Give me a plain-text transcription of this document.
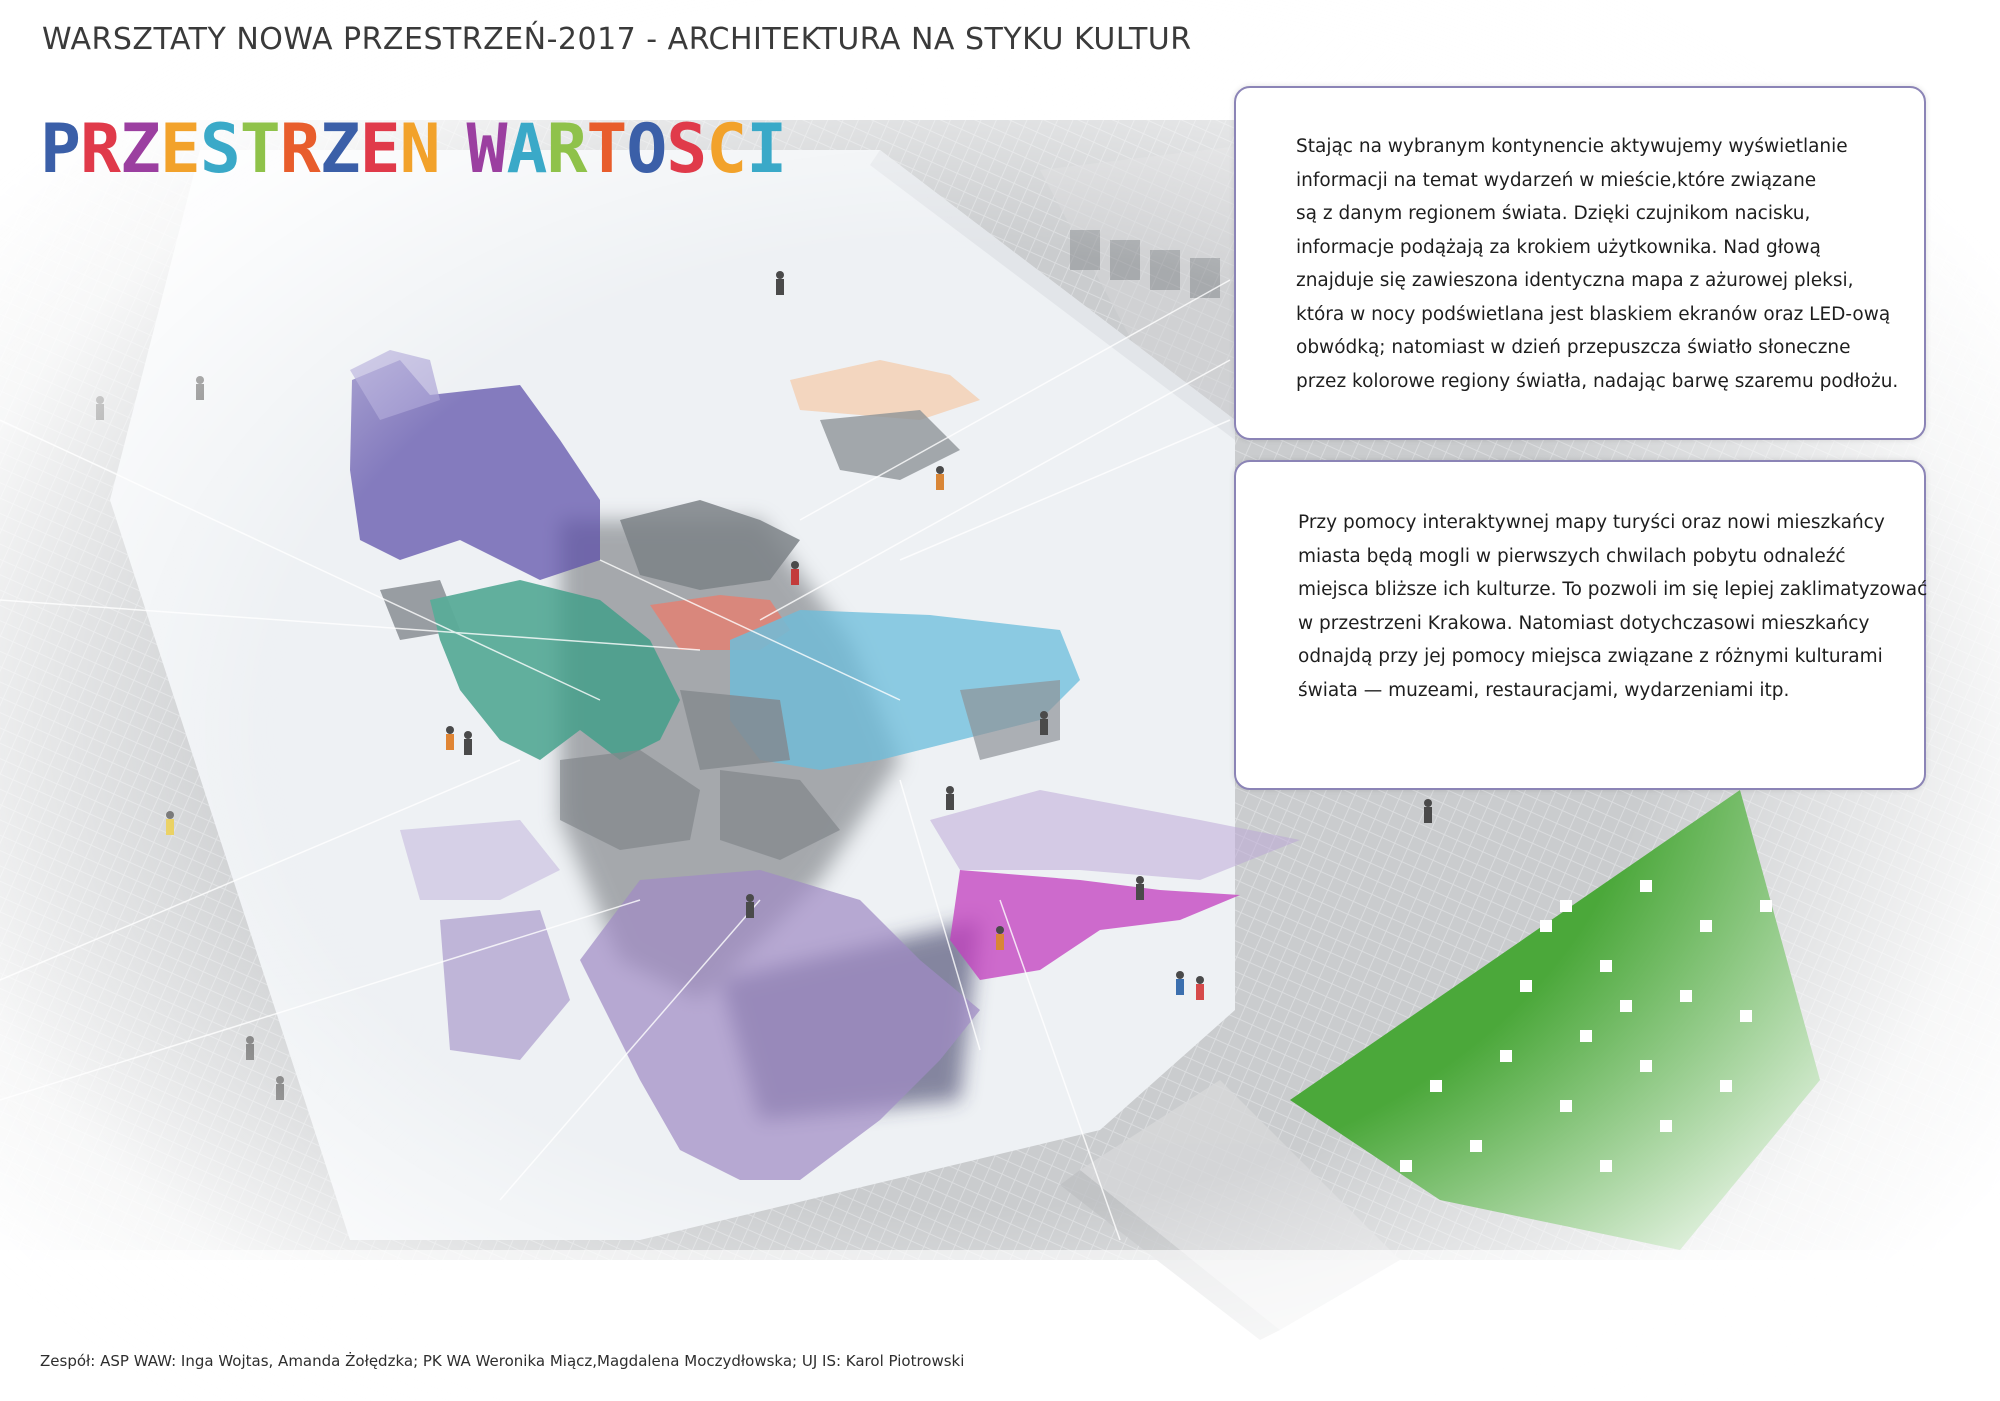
WARSZTATY NOWA PRZESTRZEŃ-2017 - ARCHITEKTURA NA STYKU KULTUR
P R Z E S T R Z E N W A R T O S C I	Stając na wybranym kontynencie aktywujemy wyświetlanie
informacji na temat wydarzeń w mieście,które związane
są z danym regionem świata. Dzięki czujnikom nacisku,
informacje podążają za krokiem użytkownika. Nad głową
znajduje się zawieszona identyczna mapa z ażurowej pleksi,
która w nocy podświetlana jest blaskiem ekranów oraz LED-ową
obwódką; natomiast w dzień przepuszcza światło słoneczne
przez kolorowe regiony światła, nadając barwę szaremu podłożu.
Przy pomocy interaktywnej mapy turyści oraz nowi mieszkańcy
miasta będą mogli w pierwszych chwilach pobytu odnaleźć
miejsca bliższe ich kulturze. To pozwoli im się lepiej zaklimatyzować
w przestrzeni Krakowa. Natomiast dotychczasowi mieszkańcy
odnajdą przy jej pomocy miejsca związane z różnymi kulturami
świata — muzeami, restauracjami, wydarzeniami itp.
Zespół: ASP WAW: Inga Wojtas, Amanda Żołędzka; PK WA Weronika Miącz,Magdalena Moczydłowska; UJ IS: Karol Piotrowski
